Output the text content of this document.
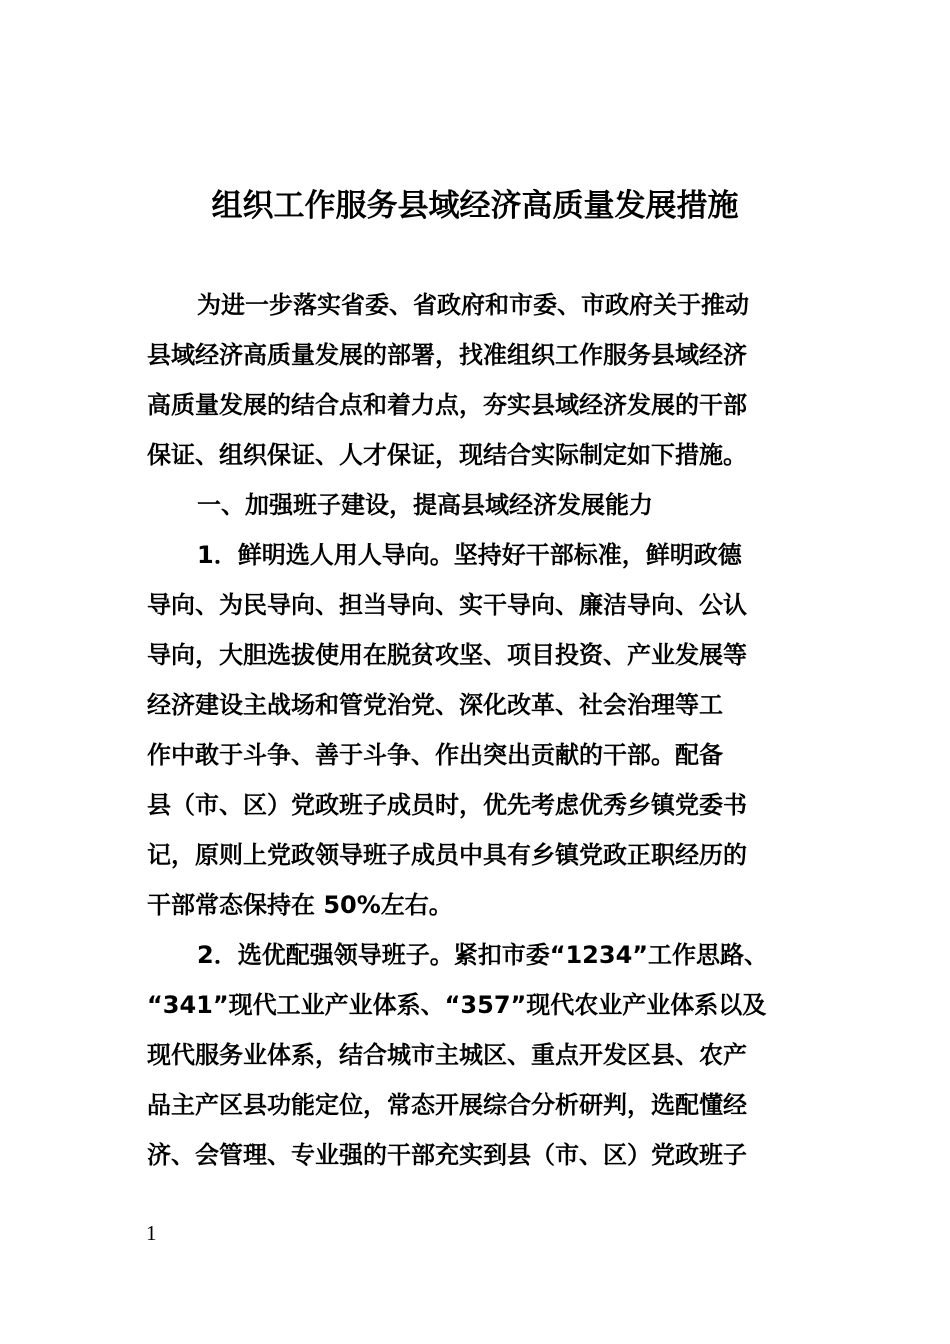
组织工作服务县域经济高质量发展措施
为进一步落实省委、省政府和市委、市政府关于推动
县域经济高质量发展的部署，找准组织工作服务县域经济
高质量发展的结合点和着力点，夯实县域经济发展的干部
保证、组织保证、人才保证，现结合实际制定如下措施。
一、加强班子建设，提高县域经济发展能力
1．鲜明选人用人导向。坚持好干部标准，鲜明政德
导向、为民导向、担当导向、实干导向、廉洁导向、公认
导向，大胆选拔使用在脱贫攻坚、项目投资、产业发展等
经济建设主战场和管党治党、深化改革、社会治理等工
作中敢于斗争、善于斗争、作出突出贡献的干部。配备
县（市、区）党政班子成员时，优先考虑优秀乡镇党委书
记，原则上党政领导班子成员中具有乡镇党政正职经历的
干部常态保持在 50%左右。
2．选优配强领导班子。紧扣市委“1234”工作思路、
“341”现代工业产业体系、“357”现代农业产业体系以及
现代服务业体系，结合城市主城区、重点开发区县、农产
品主产区县功能定位，常态开展综合分析研判，选配懂经
济、会管理、专业强的干部充实到县（市、区）党政班子
1
